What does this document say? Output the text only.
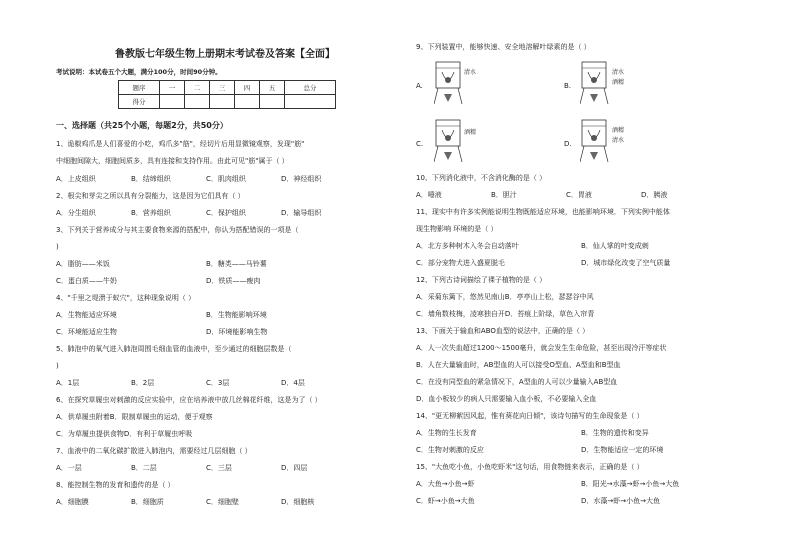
鲁教版七年级生物上册期末考试卷及答案【全面】
考试说明：本试卷五个大题，满分100分，时间90分钟。
题序	一	二	三	四	五	总分
得分						
一、选择题（共25个小题，每题2分，共50分）
1、诡椒鸡爪是人们喜爱的小吃，鸡爪多"筋"，经切片后用显微镜观察，发现"筋"
中细胞间隙大，细胞间质多，具有连接和支持作用。由此可见"筋"属于（ ）
A．上皮组织	B．结缔组织	C．肌肉组织	D．神经组织
2、根尖和芽尖之所以具有分裂能力，这是因为它们具有（ ）
A．分生组织	B．营养组织	C．保护组织	D．输导组织
3、下列关于营养成分与其主要食物来源的搭配中，你认为搭配错误的一项是（
)
A．脂肪——米饭	B．糖类——马铃薯
C．蛋白质——牛奶	D．铁质——瘦肉
4、"千里之堤溃于蚁穴"，这种现象说明（ ）
A．生物能适应环境	B．生物能影响环境
C．环境能适应生物	D．环境能影响生物
5、肺泡中的氧气进入肺泡周围毛细血管的血液中，至少通过的细胞层数是（
)
A．1层	B．2层	C．3层	D．4层
6、在探究草履虫对刺激的反应实验中，应在培养液中放几丝棉花纤维，这是为了（ ）
A．供草履虫附着B．限制草履虫的运动，便于观察
C．为草履虫提供食物D．有利于草履虫呼吸
7、血液中的二氧化碳扩散进入肺泡内，需要经过几层细胞（ ）
A．一层	B．二层	C．三层	D．四层
8、能控制生物的发育和遗传的是（ ）
A．细胞膜	B．细胞质	C．细胞壁	D．细胞核
9、下列装置中，能够快速、安全地溶解叶绿素的是（ ）
A.
清水
B.
清水
酒精
C.
酒精
D.
酒精
清水
10、下列消化液中，不含消化酶的是（ ）
A．唾液	B．胆汁	C．胃液	D．胰液
11、现实中有许多实例能说明生物既能适应环境，也能影响环境．下列实例中能体
现生物影响 环境的是（ ）
A．北方多种树木入冬会自动落叶	B．仙人掌的叶变成刺
C．部分宠物犬进入盛夏脱毛	D．城市绿化改变了空气质量
12、下列古诗词描绘了裸子植物的是（ ）
A．采菊东篱下，悠然见南山B．亭亭山上松，瑟瑟谷中风
C．墙角数枝梅，凌寒独自开D．苔痕上阶绿，草色入帘青
13、下面关于输血和ABO血型的说法中，正确的是（ ）
A．人一次失血超过1200～1500毫升，就会发生生命危险，甚至出现冷汗等症状
B．人在大量输血时，AB型血的人可以接受O型血、A型血和B型血
C．在没有同型血的紧急情况下，A型血的人可以少量输入AB型血
D．血小板较少的病人只需要输入血小板，不必要输入全血
14、"更无柳絮因风起，惟有葵花向日倾"，该诗句描写的生命现象是（ ）
A．生物的生长发育	B．生物的遗传和变异
C．生物对刺激的反应	D．生物能适应一定的环境
15、"大鱼吃小鱼，小鱼吃虾米"这句话，用食物链来表示，正确的是（ ）
A．大鱼→小鱼→虾	B．阳光→水藻→虾→小鱼→大鱼
C．虾→小鱼→大鱼	D．水藻→虾→小鱼→大鱼
